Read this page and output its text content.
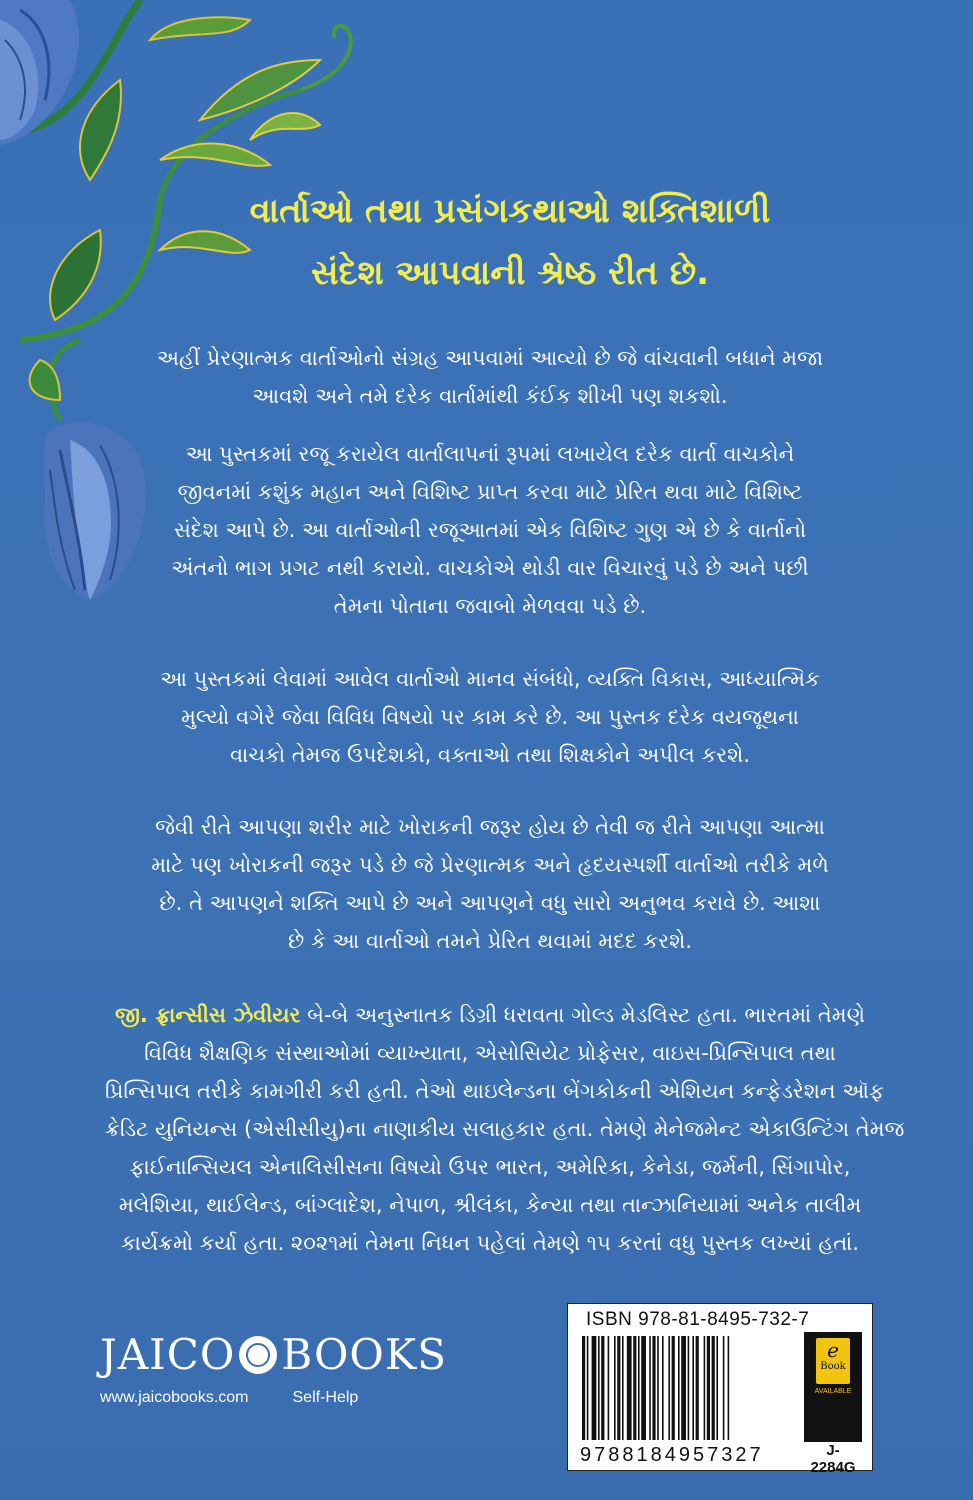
વાર્તાઓ તથા પ્રસંગકથાઓ શક્તિશાળી
સંદેશ આપવાની શ્રેષ્ઠ રીત છે.
અહીં પ્રેરણાત્મક વાર્તાઓનો સંગ્રહ આપવામાં આવ્યો છે જે વાંચવાની બધાને મજા
આવશે અને તમે દરેક વાર્તામાંથી કંઈક શીખી પણ શકશો.
આ પુસ્તકમાં રજૂ કરાયેલ વાર્તાલાપનાં રૂપમાં લખાયેલ દરેક વાર્તા વાચકોને
જીવનમાં કશુંક મહાન અને વિશિષ્ટ પ્રાપ્ત કરવા માટે પ્રેરિત થવા માટે વિશિષ્ટ
સંદેશ આપે છે. આ વાર્તાઓની રજૂઆતમાં એક વિશિષ્ટ ગુણ એ છે કે વાર્તાનો
અંતનો ભાગ પ્રગટ નથી કરાયો. વાચકોએ થોડી વાર વિચારવું પડે છે અને પછી
તેમના પોતાના જવાબો મેળવવા પડે છે.
આ પુસ્તકમાં લેવામાં આવેલ વાર્તાઓ માનવ સંબંધો, વ્યક્તિ વિકાસ, આધ્યાત્મિક
મુલ્યો વગેરે જેવા વિવિધ વિષયો પર કામ કરે છે. આ પુસ્તક દરેક વયજૂથના
વાચકો તેમજ ઉપદેશકો, વક્તાઓ તથા શિક્ષકોને અપીલ કરશે.
જેવી રીતે આપણા શરીર માટે ખોરાકની જરૂર હોય છે તેવી જ રીતે આપણા આત્મા
માટે પણ ખોરાકની જરૂર પડે છે જે પ્રેરણાત્મક અને હૃદયસ્પર્શી વાર્તાઓ તરીકે મળે
છે. તે આપણને શક્તિ આપે છે અને આપણને વધુ સારો અનુભવ કરાવે છે. આશા
છે કે આ વાર્તાઓ તમને પ્રેરિત થવામાં મદદ કરશે.
જી. ફ્રાન્સીસ ઝેવીયર બે-બે અનુસ્નાતક ડિગ્રી ધરાવતા ગોલ્ડ મેડલિસ્ટ હતા. ભારતમાં તેમણે
વિવિધ શૈક્ષણિક સંસ્થાઓમાં વ્યાખ્યાતા, એસોસિયેટ પ્રોફેસર, વાઇસ-પ્રિન્સિપાલ તથા
પ્રિન્સિપાલ તરીકે કામગીરી કરી હતી. તેઓ થાઇલેન્ડના બેંગકોકની એશિયન કન્ફેડરેશન ઑફ
ક્રેડિટ યુનિયન્સ (એસીસીયુ)ના નાણાકીય સલાહકાર હતા. તેમણે મેનેજમેન્ટ એકાઉન્ટિંગ તેમજ
ફાઈનાન્સિયલ એનાલિસીસના વિષયો ઉપર ભારત, અમેરિકા, કેનેડા, જર્મની, સિંગાપોર,
મલેશિયા, થાઈલેન્ડ, બાંગ્લાદેશ, નેપાળ, શ્રીલંકા, કેન્યા તથા તાન્ઝાનિયામાં અનેક તાલીમ
કાર્યક્રમો કર્યા હતા. ૨૦૨૧માં તેમના નિધન પહેલાં તેમણે ૧૫ કરતાં વધુ પુસ્તક લખ્યાં હતાં.
JAICO BOOKS
www.jaicobooks.com	Self-Help
ISBN 978-81-8495-732-7
9788184957327
e
Book
AVAILABLE
J-2284G
